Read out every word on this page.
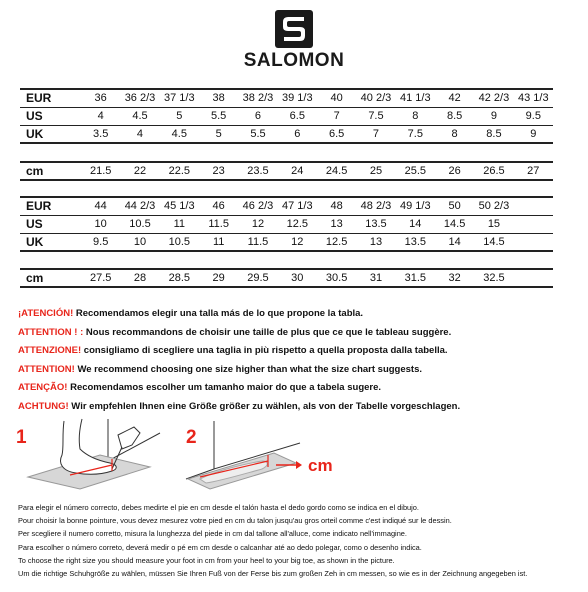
SALOMON
EUR	36	36 2/3	37 1/3	38	38 2/3	39 1/3	40	40 2/3	41 1/3	42	42 2/3	43 1/3
US	4	4.5	5	5.5	6	6.5	7	7.5	8	8.5	9	9.5
UK	3.5	4	4.5	5	5.5	6	6.5	7	7.5	8	8.5	9
cm	21.5	22	22.5	23	23.5	24	24.5	25	25.5	26	26.5	27
EUR	44	44 2/3	45 1/3	46	46 2/3	47 1/3	48	48 2/3	49 1/3	50	50 2/3	
US	10	10.5	11	11.5	12	12.5	13	13.5	14	14.5	15	
UK	9.5	10	10.5	11	11.5	12	12.5	13	13.5	14	14.5	
cm	27.5	28	28.5	29	29.5	30	30.5	31	31.5	32	32.5	
¡ATENCIÓN! Recomendamos elegir una talla más de lo que propone la tabla.
ATTENTION ! : Nous recommandons de choisir une taille de plus que ce que le tableau suggère.
ATTENZIONE! consigliamo di scegliere una taglia in più rispetto a quella proposta dalla tabella.
ATTENTION! We recommend choosing one size higher than what the size chart suggests.
ATENÇÃO! Recomendamos escolher um tamanho maior do que a tabela sugere.
ACHTUNG! Wir empfehlen Ihnen eine Größe größer zu wählen, als von der Tabelle vorgeschlagen.
1	2
cm
Para elegir el número correcto, debes medirte el pie en cm desde el talón hasta el dedo gordo como se indica en el dibujo.
Pour choisir la bonne pointure, vous devez mesurez votre pied en cm du talon jusqu'au gros orteil comme c'est indiqué sur le dessin.
Per scegliere il numero corretto, misura la lunghezza del piede in cm dal tallone all'alluce, come indicato nell'immagine.
Para escolher o número correto, deverá medir o pé em cm desde o calcanhar até ao dedo polegar, como o desenho indica.
To choose the right size you should measure your foot in cm from your heel to your big toe, as shown in the picture.
Um die richtige Schuhgröße zu wählen, müssen Sie Ihren Fuß von der Ferse bis zum großen Zeh in cm messen, so wie es in der Zeichnung angegeben ist.
